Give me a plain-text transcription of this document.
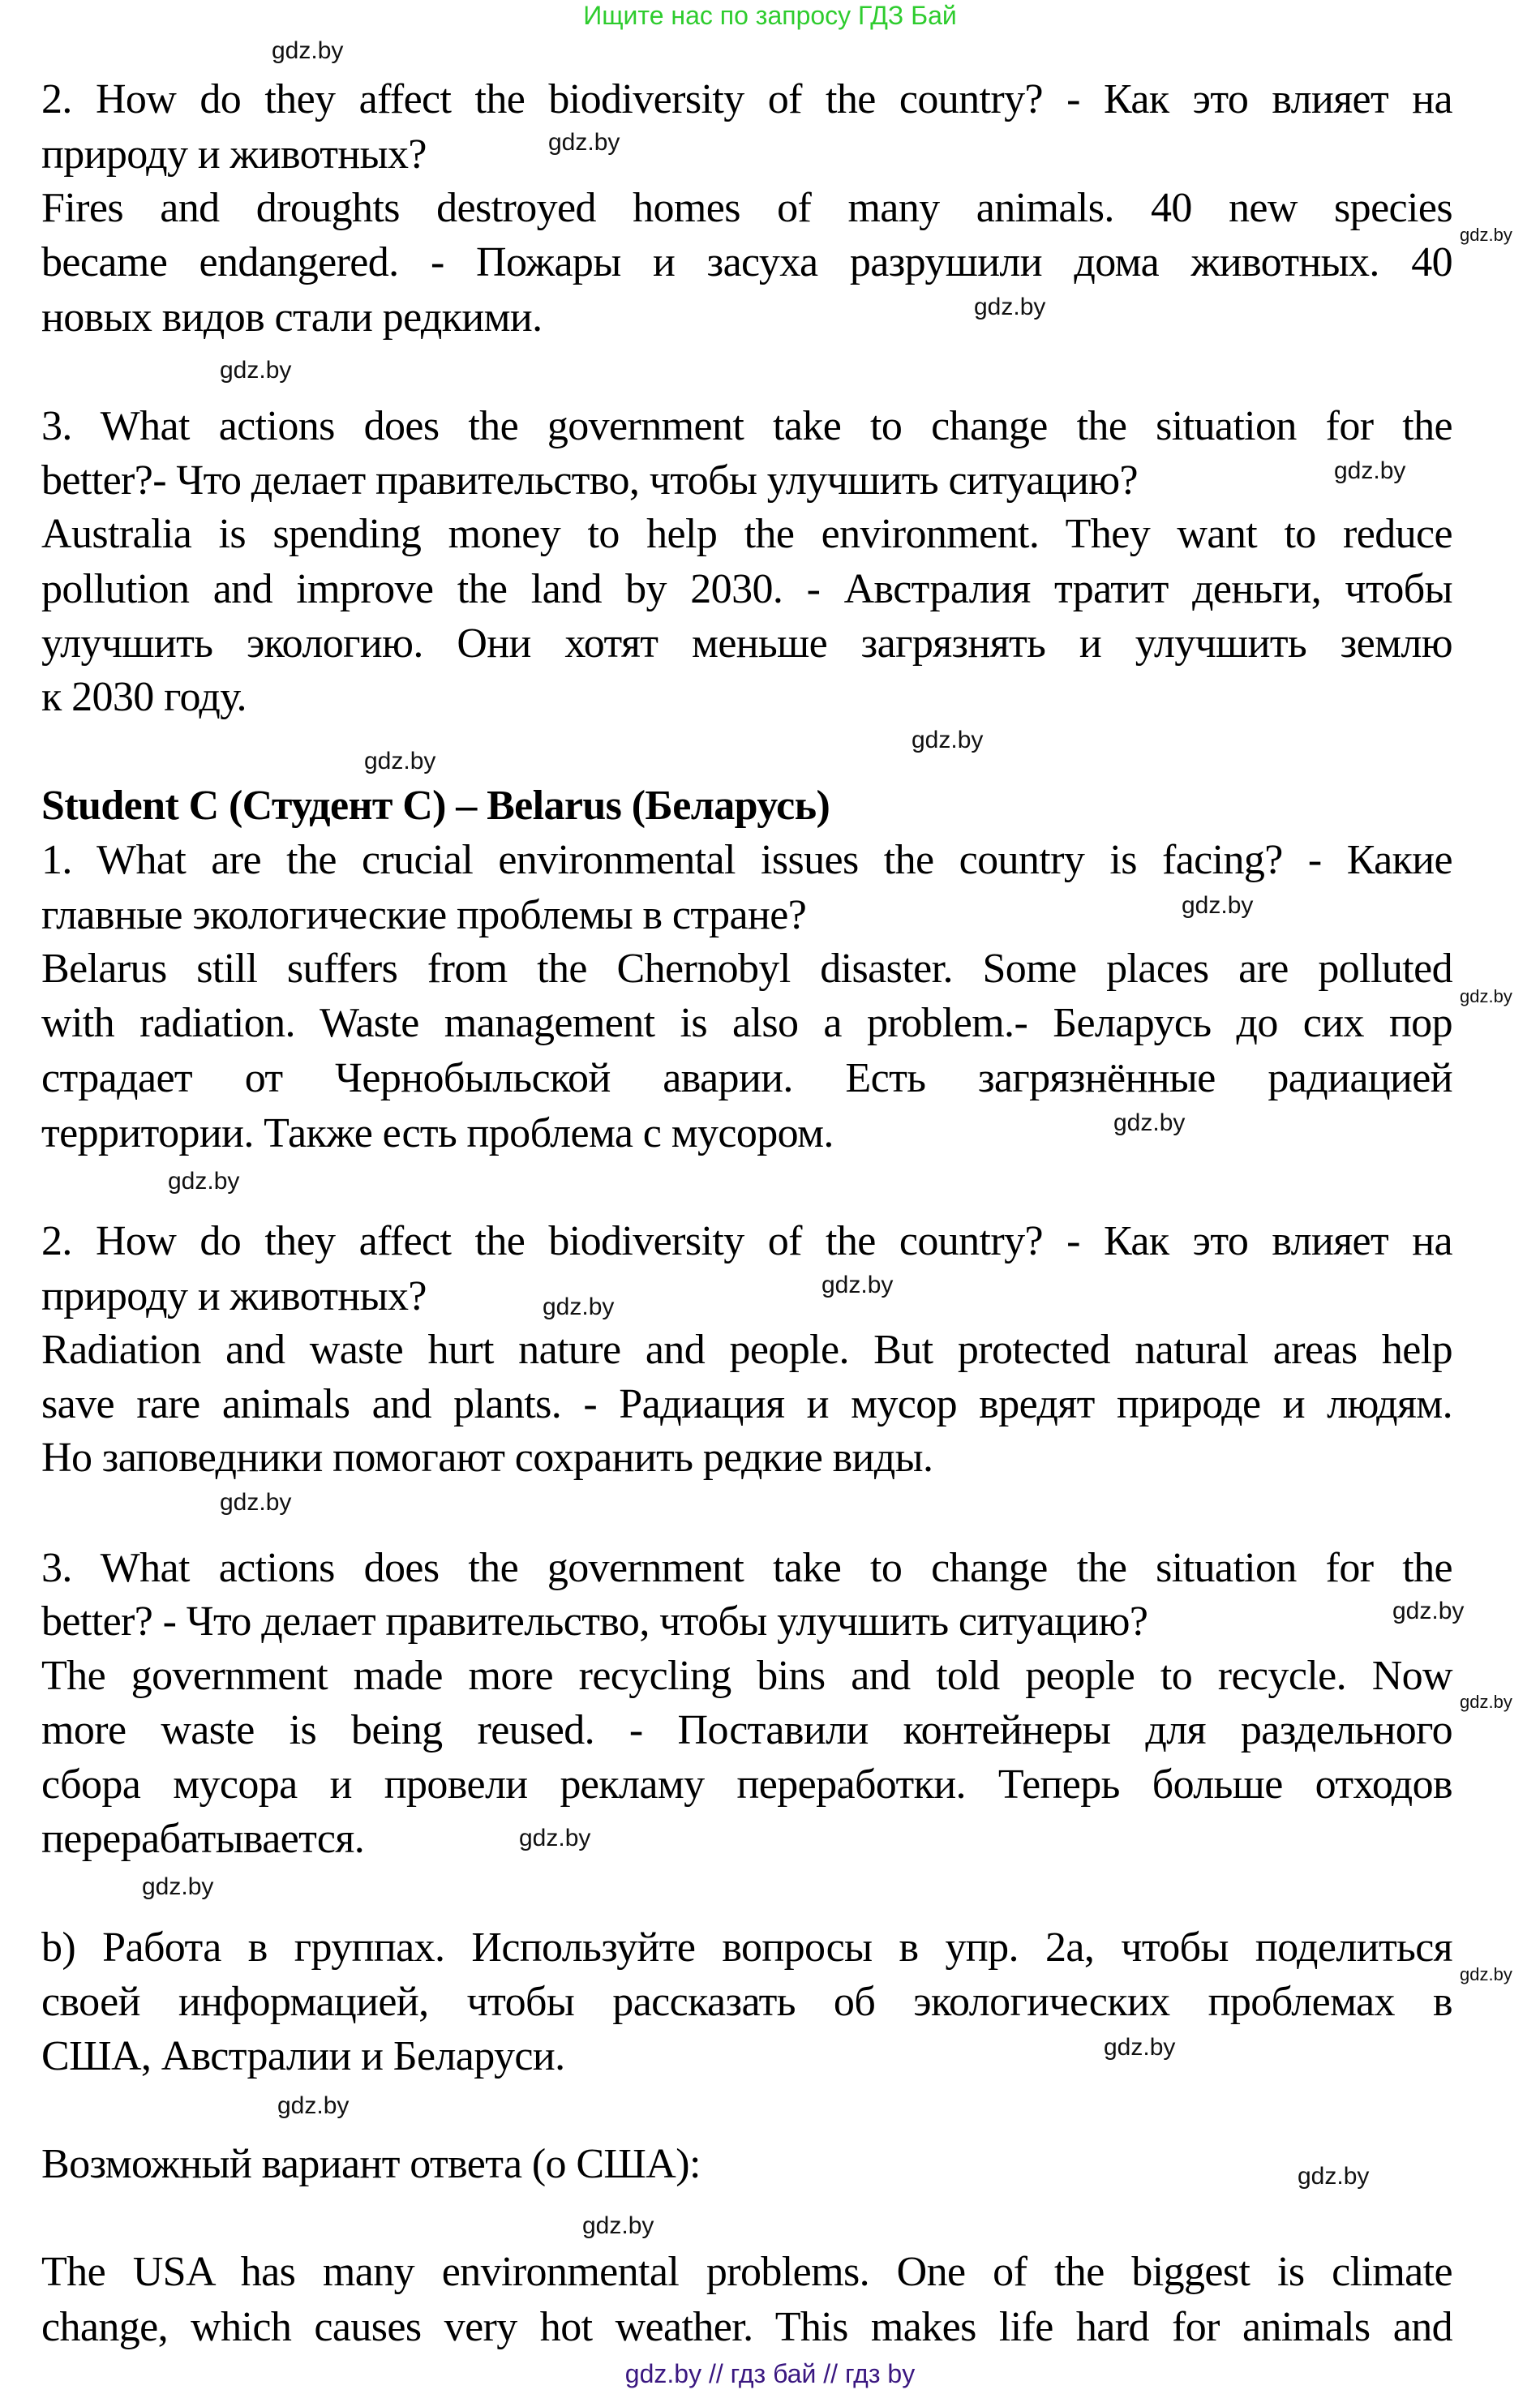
Ищите нас по запросу ГДЗ Бай
2. How do they affect the biodiversity of the country? - Как это влияет на
природу и животных?
Fires and droughts destroyed homes of many animals. 40 new species
became endangered. - Пожары и засуха разрушили дома животных. 40
новых видов стали редкими.
3. What actions does the government take to change the situation for the
better?- Что делает правительство, чтобы улучшить ситуацию?
Australia is spending money to help the environment. They want to reduce
pollution and improve the land by 2030. - Австралия тратит деньги, чтобы
улучшить экологию. Они хотят меньше загрязнять и улучшить землю
к 2030 году.
Student C (Студент C) – Belarus (Беларусь)
1. What are the crucial environmental issues the country is facing? - Какие
главные экологические проблемы в стране?
Belarus still suffers from the Chernobyl disaster. Some places are polluted
with radiation. Waste management is also a problem.- Беларусь до сих пор
страдает от Чернобыльской аварии. Есть загрязнённые радиацией
территории. Также есть проблема с мусором.
2. How do they affect the biodiversity of the country? - Как это влияет на
природу и животных?
Radiation and waste hurt nature and people. But protected natural areas help
save rare animals and plants. - Радиация и мусор вредят природе и людям.
Но заповедники помогают сохранить редкие виды.
3. What actions does the government take to change the situation for the
better? - Что делает правительство, чтобы улучшить ситуацию?
The government made more recycling bins and told people to recycle. Now
more waste is being reused. - Поставили контейнеры для раздельного
сбора мусора и провели рекламу переработки. Теперь больше отходов
перерабатывается.
b) Работа в группах. Используйте вопросы в упр. 2а, чтобы поделиться
своей информацией, чтобы рассказать об экологических проблемах в
США, Австралии и Беларуси.
Возможный вариант ответа (о США):
The USA has many environmental problems. One of the biggest is climate
change, which causes very hot weather. This makes life hard for animals and
gdz.by
gdz.by
gdz.by
gdz.by
gdz.by
gdz.by
gdz.by
gdz.by
gdz.by
gdz.by
gdz.by
gdz.by
gdz.by
gdz.by
gdz.by
gdz.by
gdz.by
gdz.by
gdz.by
gdz.by
gdz.by
gdz.by
gdz.by
gdz.by
gdz.by // гдз бай // гдз by
